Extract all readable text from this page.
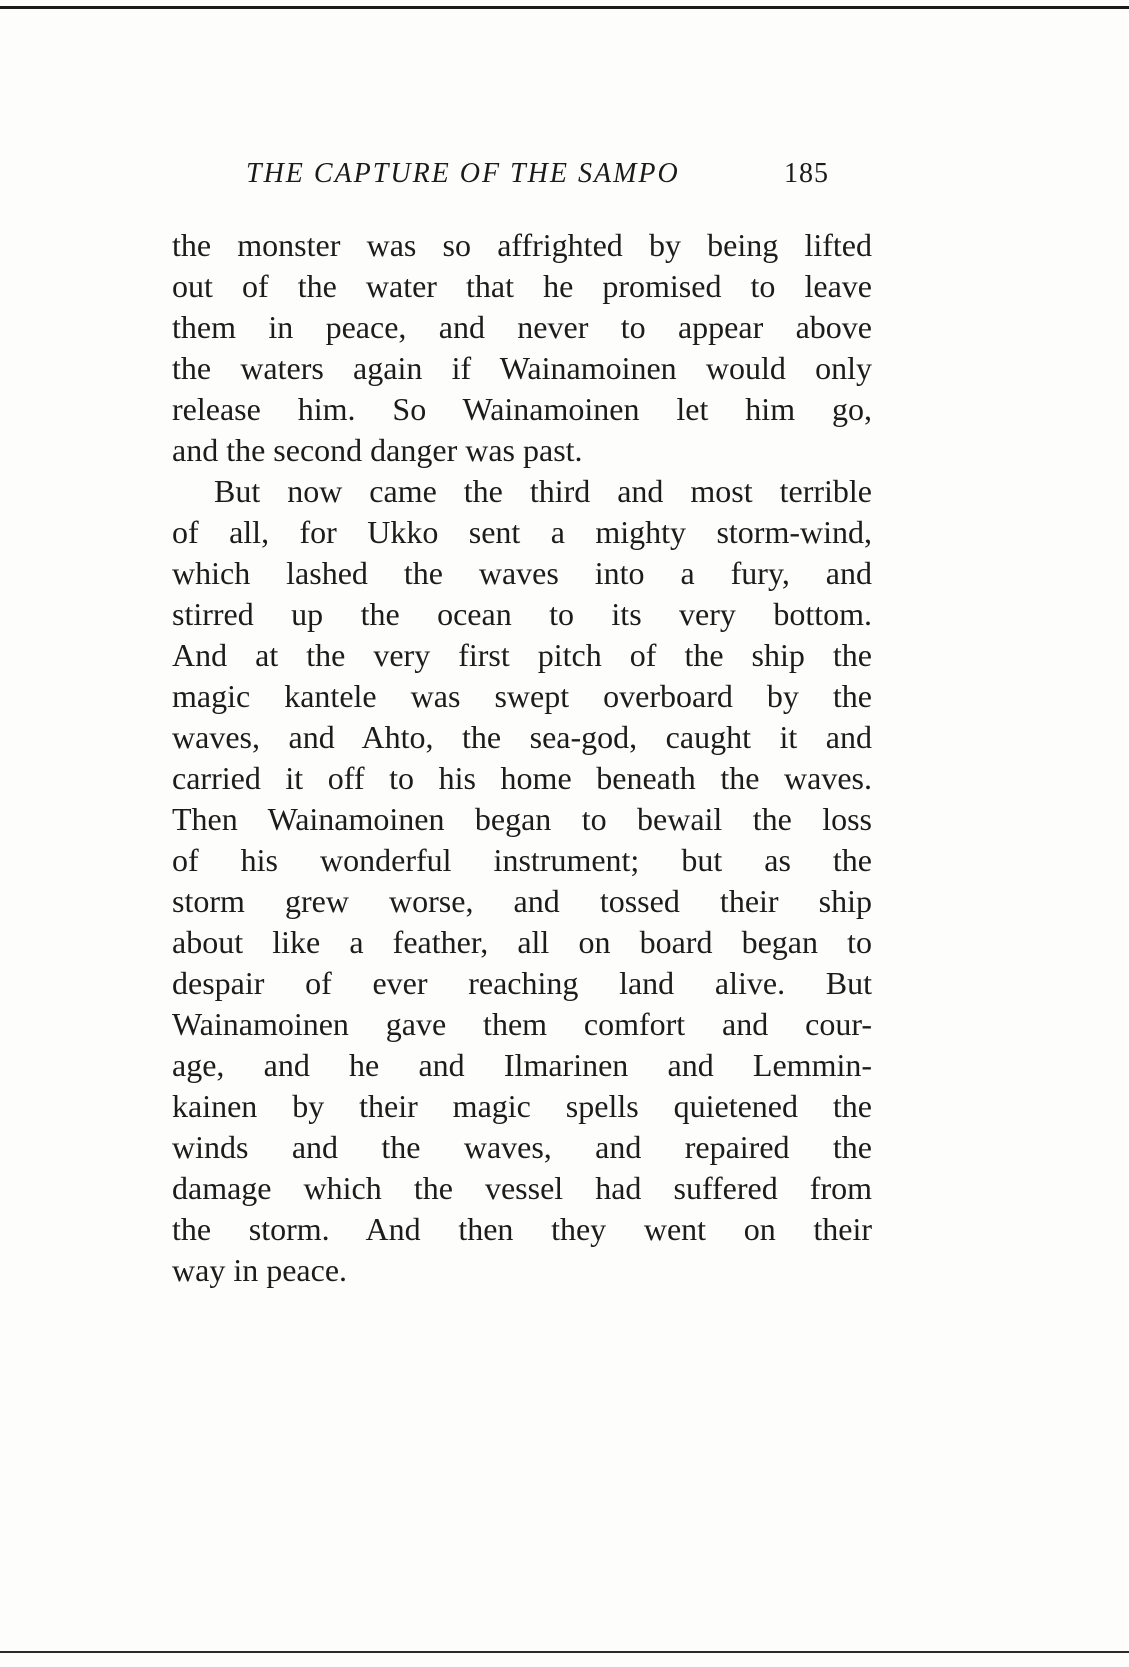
THE CAPTURE OF THE SAMPO	185
the monster was so affrighted by being lifted
out of the water that he promised to leave
them in peace, and never to appear above
the waters again if Wainamoinen would only
release him. So Wainamoinen let him go,
and the second danger was past.
But now came the third and most terrible
of all, for Ukko sent a mighty storm-wind,
which lashed the waves into a fury, and
stirred up the ocean to its very bottom.
And at the very first pitch of the ship the
magic kantele was swept overboard by the
waves, and Ahto, the sea-god, caught it and
carried it off to his home beneath the waves.
Then Wainamoinen began to bewail the loss
of his wonderful instrument; but as the
storm grew worse, and tossed their ship
about like a feather, all on board began to
despair of ever reaching land alive. But
Wainamoinen gave them comfort and cour-
age, and he and Ilmarinen and Lemmin-
kainen by their magic spells quietened the
winds and the waves, and repaired the
damage which the vessel had suffered from
the storm. And then they went on their
way in peace.
